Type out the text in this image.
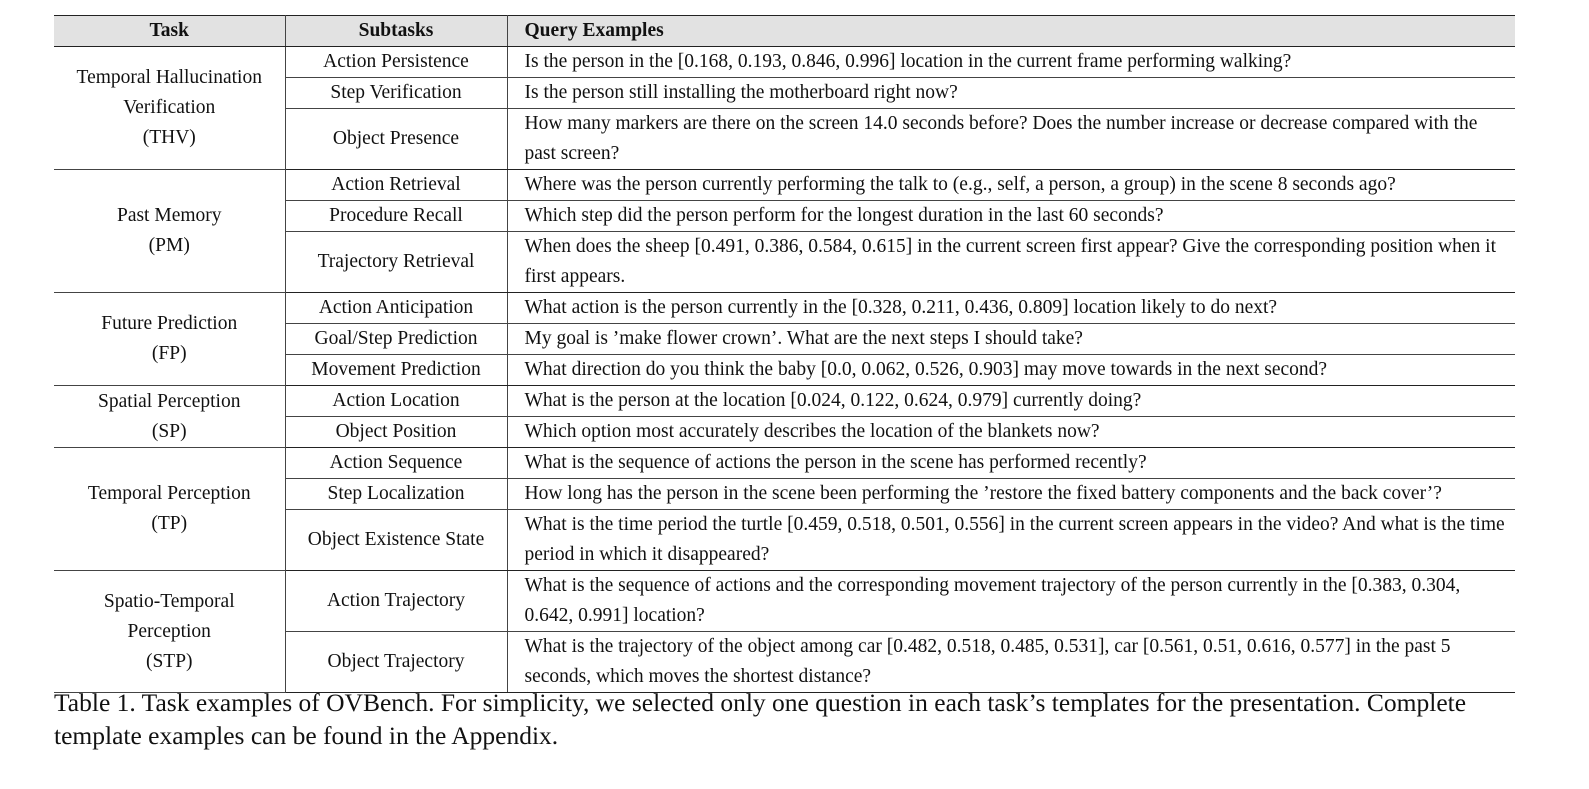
Task	Subtasks	Query Examples

Temporal Hallucination
Verification
(THV)	Action Persistence	Is the person in the [0.168, 0.193, 0.846, 0.996] location in the current frame performing walking?
	Step Verification	Is the person still installing the motherboard right now?
	Object Presence	How many markers are there on the screen 14.0 seconds before? Does the number increase or decrease compared with the past screen?

Past Memory
(PM)	Action Retrieval	Where was the person currently performing the talk to (e.g., self, a person, a group) in the scene 8 seconds ago?
	Procedure Recall	Which step did the person perform for the longest duration in the last 60 seconds?
	Trajectory Retrieval	When does the sheep [0.491, 0.386, 0.584, 0.615] in the current screen first appear? Give the corresponding position when it first appears.

Future Prediction
(FP)	Action Anticipation	What action is the person currently in the [0.328, 0.211, 0.436, 0.809] location likely to do next?
	Goal/Step Prediction	My goal is ’make flower crown’. What are the next steps I should take?
	Movement Prediction	What direction do you think the baby [0.0, 0.062, 0.526, 0.903] may move towards in the next second?

Spatial Perception
(SP)	Action Location	What is the person at the location [0.024, 0.122, 0.624, 0.979] currently doing?
	Object Position	Which option most accurately describes the location of the blankets now?

Temporal Perception
(TP)	Action Sequence	What is the sequence of actions the person in the scene has performed recently?
	Step Localization	How long has the person in the scene been performing the ’restore the fixed battery components and the back cover’?
	Object Existence State	What is the time period the turtle [0.459, 0.518, 0.501, 0.556] in the current screen appears in the video? And what is the time period in which it disappeared?

Spatio-Temporal
Perception
(STP)	Action Trajectory	What is the sequence of actions and the corresponding movement trajectory of the person currently in the [0.383, 0.304, 0.642, 0.991] location?
	Object Trajectory	What is the trajectory of the object among car [0.482, 0.518, 0.485, 0.531], car [0.561, 0.51, 0.616, 0.577] in the past 5 seconds, which moves the shortest distance?
Table 1. Task examples of OVBench. For simplicity, we selected only one question in each task’s templates for the presentation. Complete template examples can be found in the Appendix.
